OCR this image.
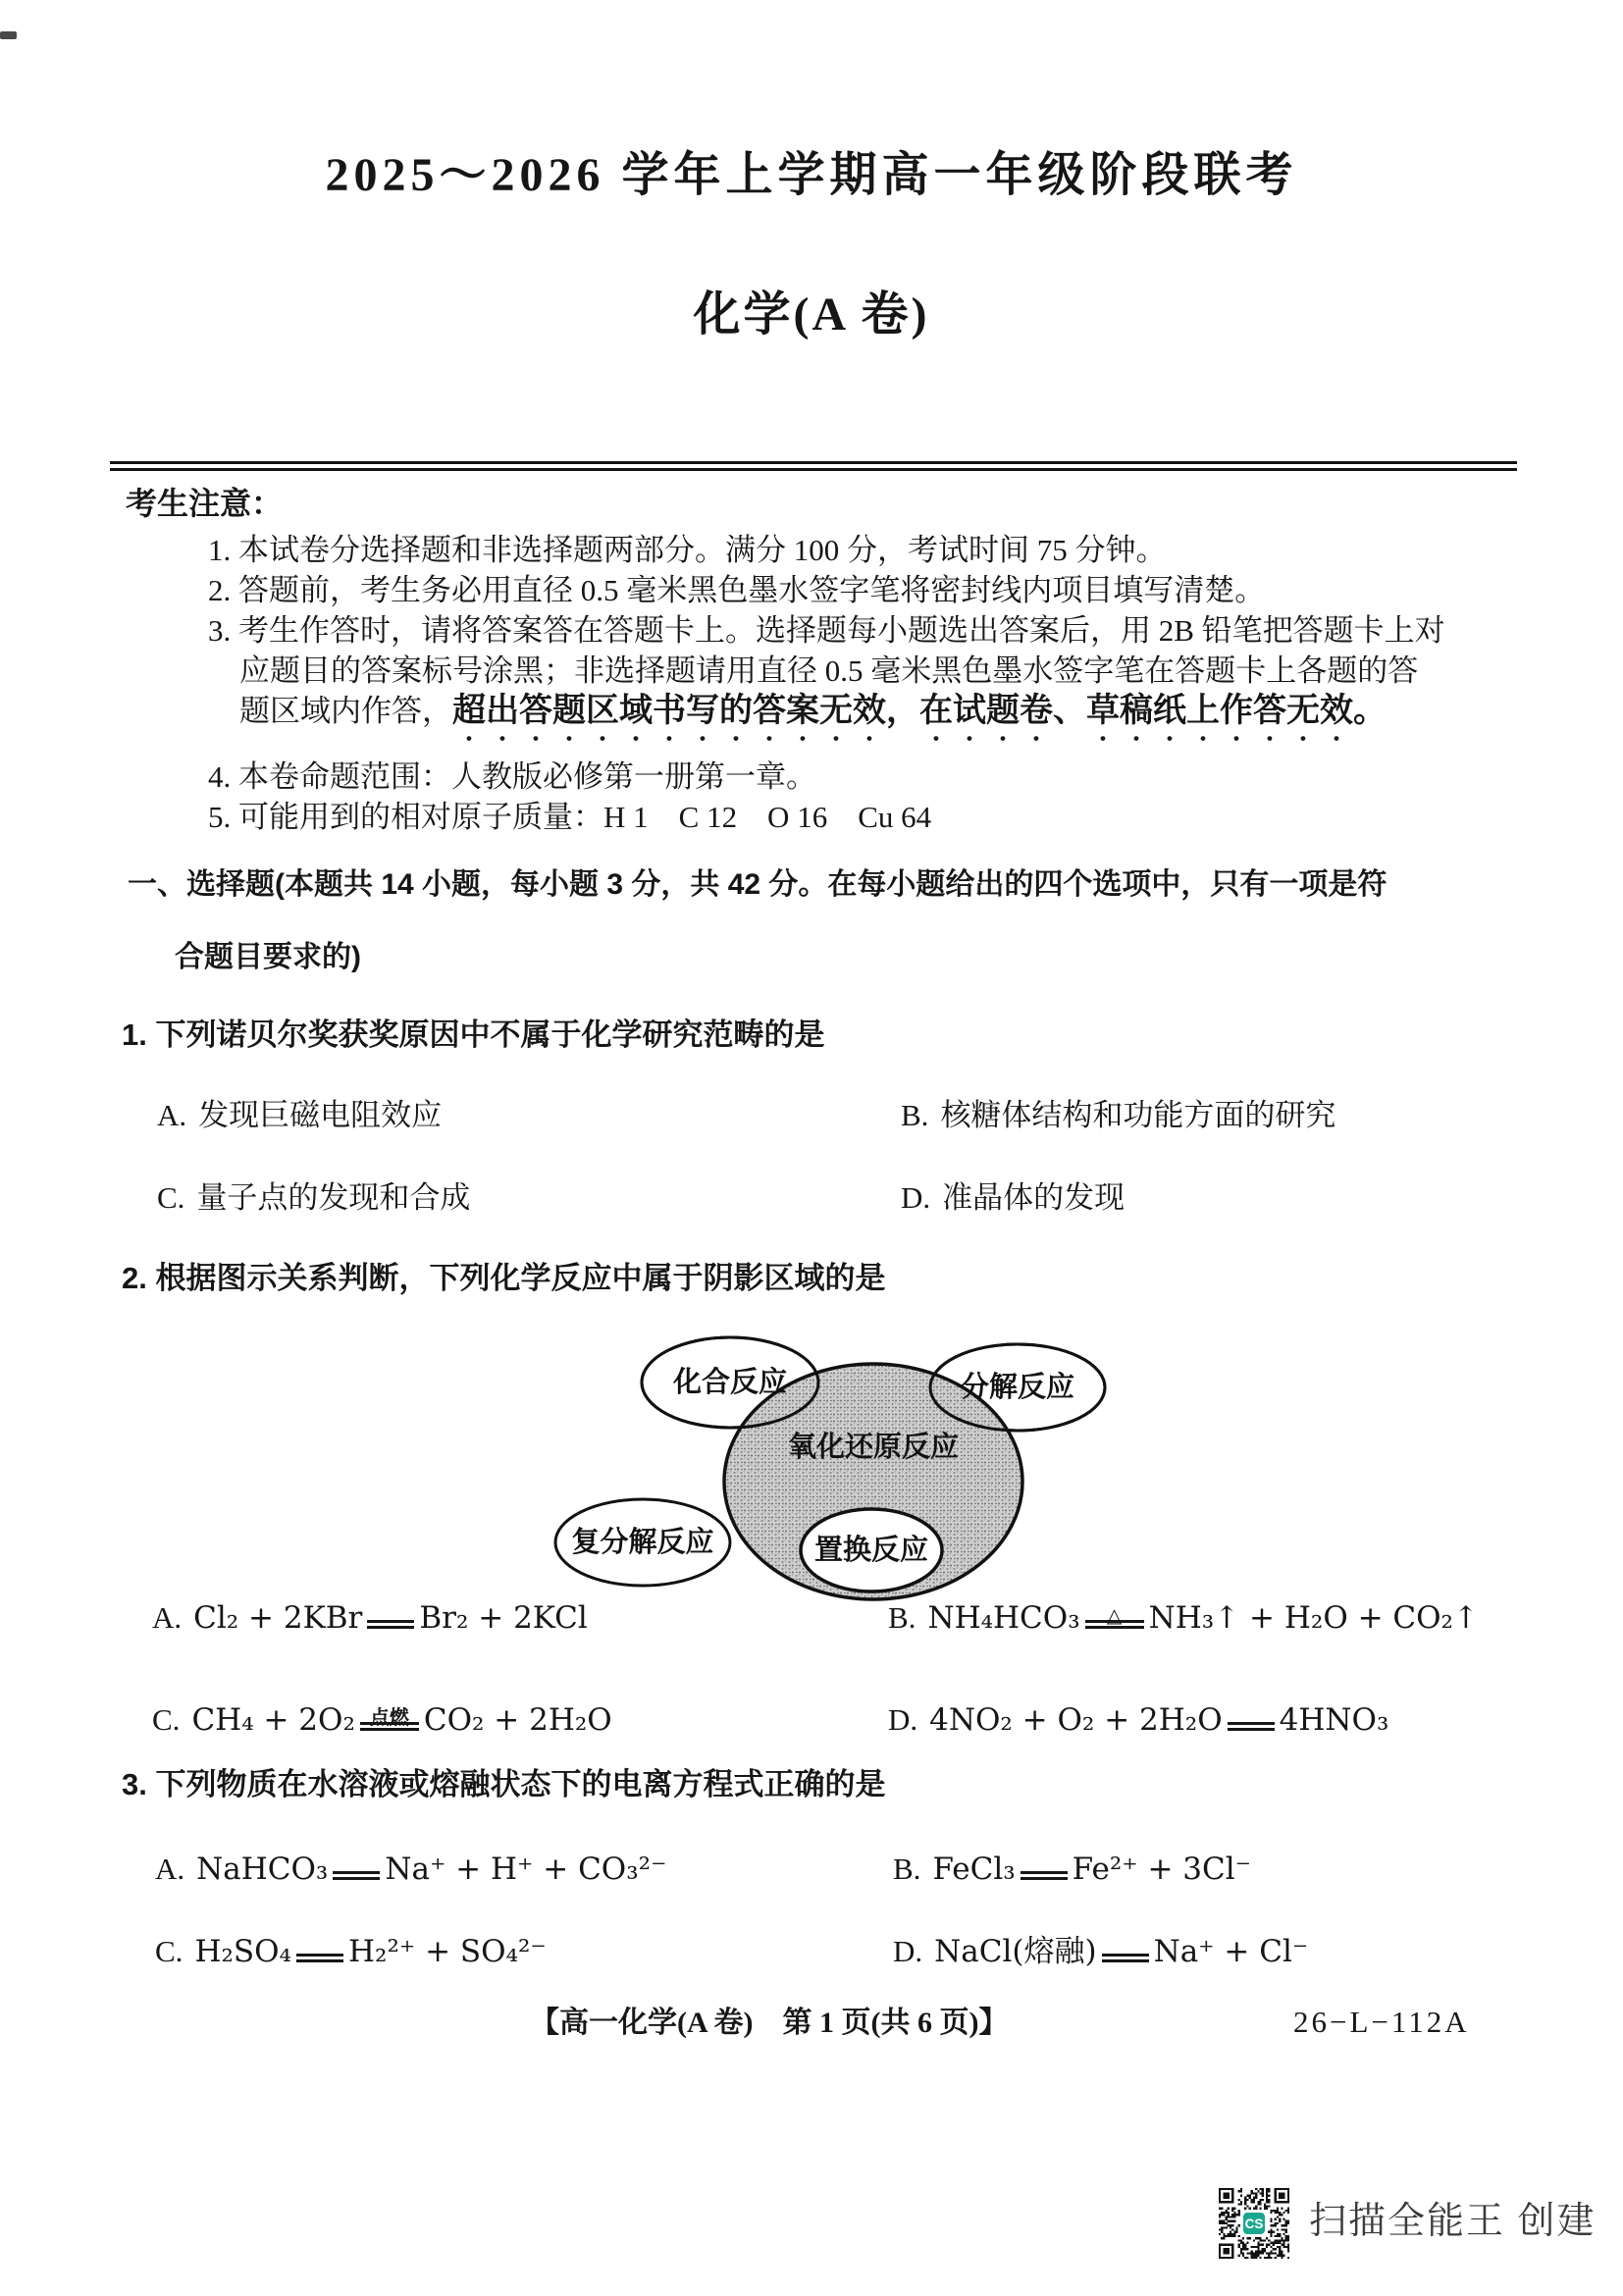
2025～2026 学年上学期高一年级阶段联考
化学(A 卷)
考生注意：
1. 本试卷分选择题和非选择题两部分。满分 100 分，考试时间 75 分钟。
2. 答题前，考生务必用直径 0.5 毫米黑色墨水签字笔将密封线内项目填写清楚。
3. 考生作答时，请将答案答在答题卡上。选择题每小题选出答案后，用 2B 铅笔把答题卡上对
应题目的答案标号涂黑；非选择题请用直径 0.5 毫米黑色墨水签字笔在答题卡上各题的答
题区域内作答，超出答题区域书写的答案无效，在试题卷、草稿纸上作答无效。
4. 本卷命题范围：人教版必修第一册第一章。
5. 可能用到的相对原子质量：H 1　C 12　O 16　Cu 64
一、选择题(本题共 14 小题，每小题 3 分，共 42 分。在每小题给出的四个选项中，只有一项是符
合题目要求的)
1. 下列诺贝尔奖获奖原因中不属于化学研究范畴的是
A. 发现巨磁电阻效应	B. 核糖体结构和功能方面的研究
C. 量子点的发现和合成	D. 准晶体的发现
2. 根据图示关系判断，下列化学反应中属于阴影区域的是
化合反应	分解反应
氧化还原反应
复分解反应	置换反应
A. Cl₂ + 2KBr Br₂ + 2KCl	B. NH₄HCO₃ △ NH₃↑ + H₂O + CO₂↑
C. CH₄ + 2O₂ 点燃 CO₂ + 2H₂O	D. 4NO₂ + O₂ + 2H₂O 4HNO₃
3. 下列物质在水溶液或熔融状态下的电离方程式正确的是
A. NaHCO₃ Na⁺ + H⁺ + CO₃²⁻	B. FeCl₃ Fe²⁺ + 3Cl⁻
C. H₂SO₄ H₂²⁺ + SO₄²⁻	D. NaCl(熔融) Na⁺ + Cl⁻
【高一化学(A 卷)　第 1 页(共 6 页)】	26−L−112A
CS 扫描全能王 创建
